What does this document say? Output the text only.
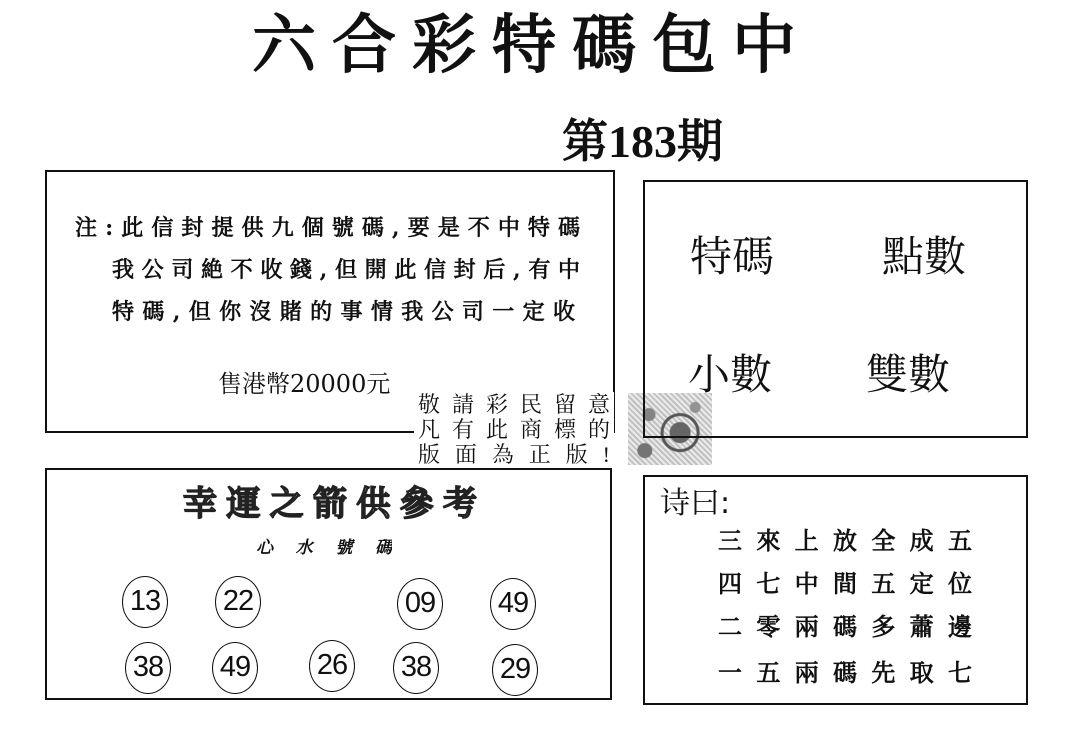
六合彩特碼包中
第183期
注:此信封提供九個號碼,要是不中特碼
我公司絶不收錢,但開此信封后,有中
特碼,但你沒賭的事情我公司一定收
售港幣20000元
敬請彩民留意
凡有此商標的
版面為正版!
特碼	點數
小數 雙數
幸運之箭供參考
心水號碼
13 22	09 49
38 49 26 38 29
诗曰:
三來上放全成五
四七中間五定位
二零兩碼多蕭邊
一五兩碼先取七
